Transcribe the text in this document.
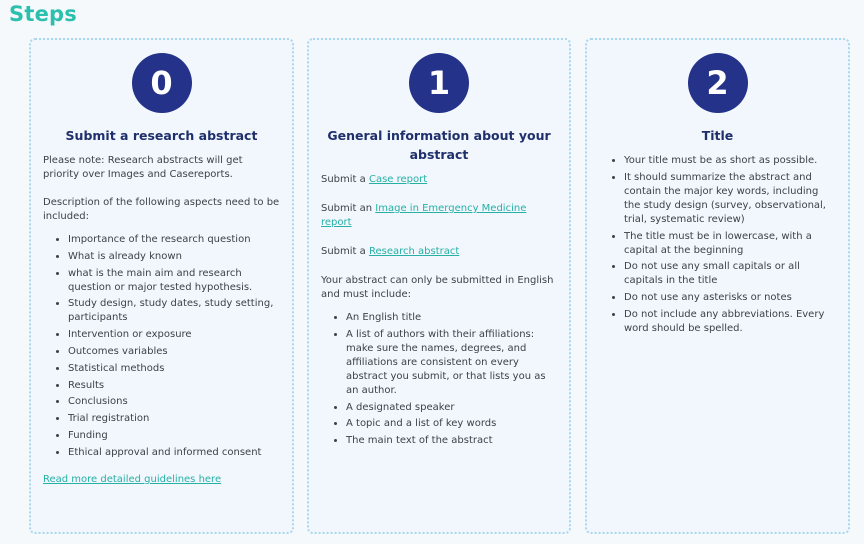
Steps
0
Submit a research abstract

Please note: Research abstracts will get priority over Images and Casereports.

Description of the following aspects need to be included:

• Importance of the research question
• What is already known
• what is the main aim and research question or major tested hypothesis.
• Study design, study dates, study setting, participants
• Intervention or exposure
• Outcomes variables
• Statistical methods
• Results
• Conclusions
• Trial registration
• Funding
• Ethical approval and informed consent

Read more detailed guidelines here

1
General information about your abstract

Submit a Case report

Submit an Image in Emergency Medicine report

Submit a Research abstract

Your abstract can only be submitted in English and must include:

• An English title
• A list of authors with their affiliations: make sure the names, degrees, and affiliations are consistent on every abstract you submit, or that lists you as an author.
• A designated speaker
• A topic and a list of key words
• The main text of the abstract
2
Title
• Your title must be as short as possible.
• It should summarize the abstract and contain the major key words, including the study design (survey, observational, trial, systematic review)
• The title must be in lowercase, with a capital at the beginning
• Do not use any small capitals or all capitals in the title
• Do not use any asterisks or notes
• Do not include any abbreviations. Every word should be spelled.
